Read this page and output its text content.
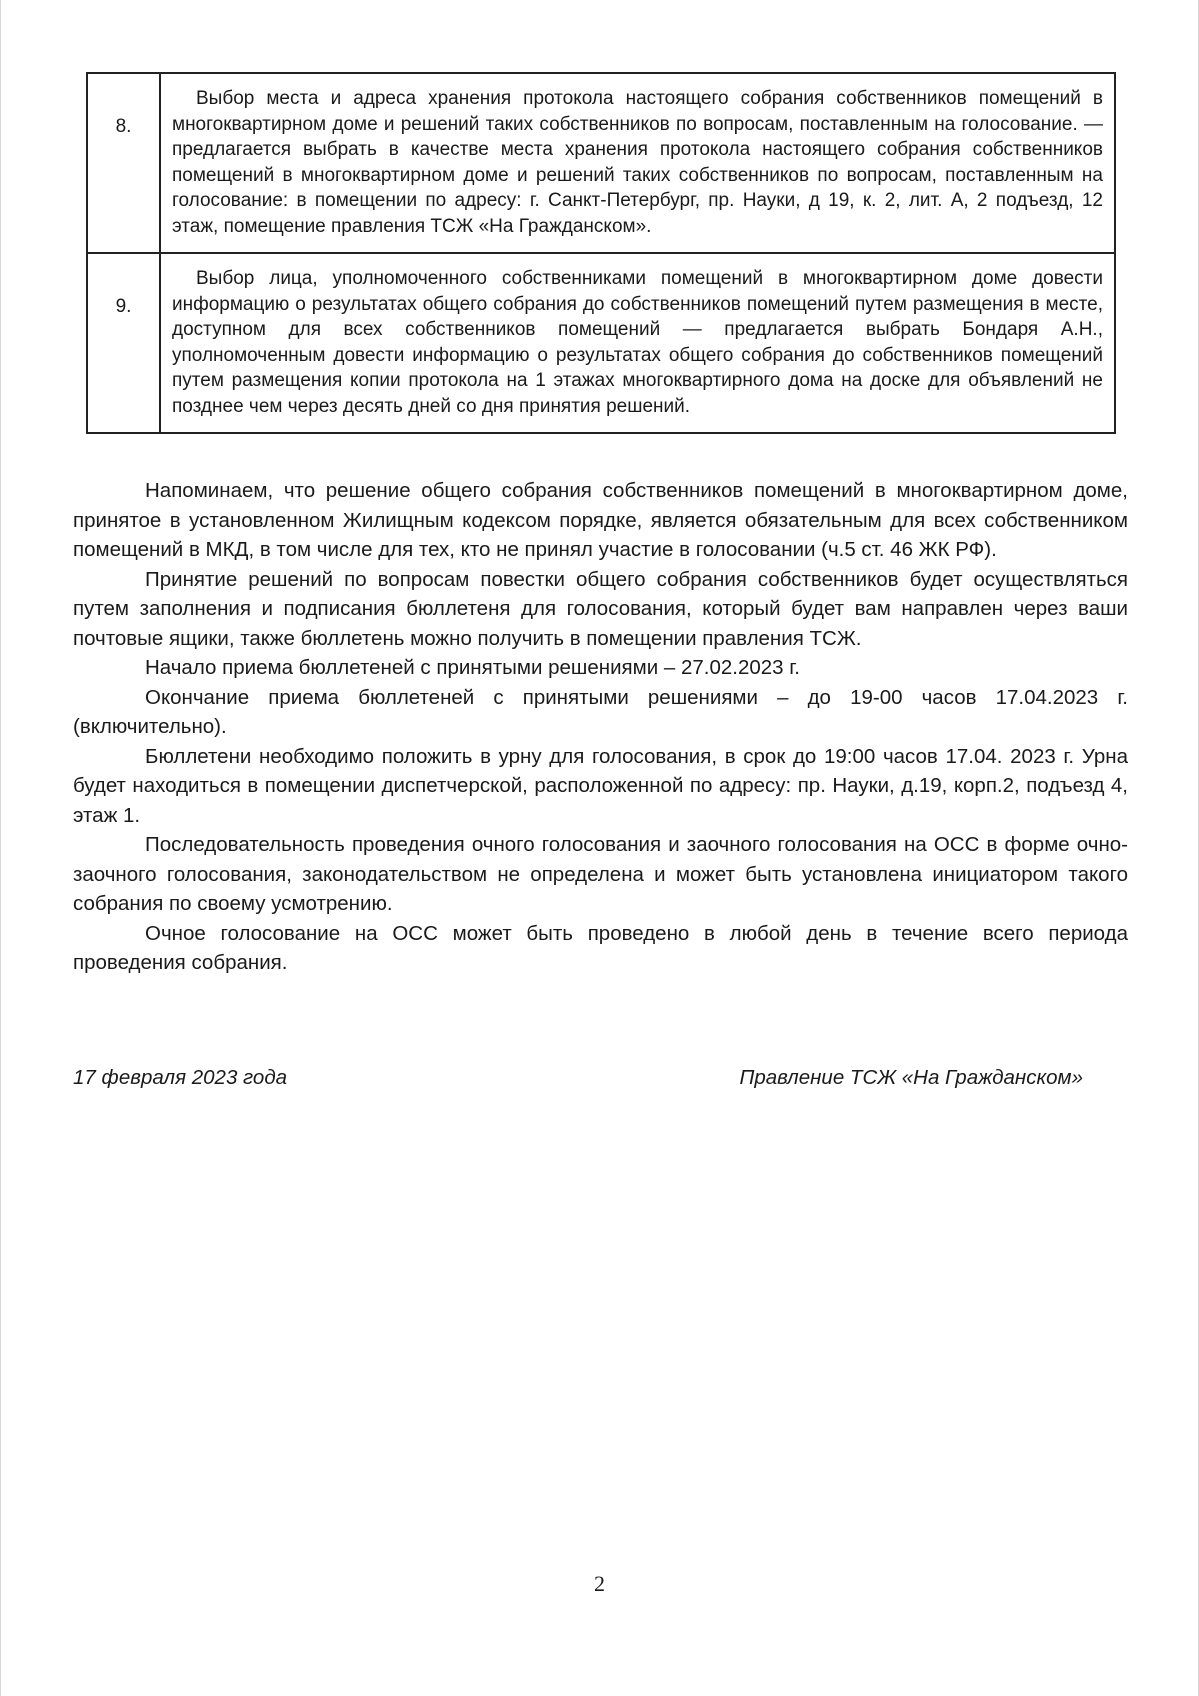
8.	Выбор места и адреса хранения протокола настоящего собрания собственников помещений в многоквартирном доме и решений таких собственников по вопросам, поставленным на голосование. — предлагается выбрать в качестве места хранения протокола настоящего собрания собственников помещений в многоквартирном доме и решений таких собственников по вопросам, поставленным на голосование: в помещении по адресу: г. Санкт-Петербург, пр. Науки, д 19, к. 2, лит. А, 2 подъезд, 12 этаж, помещение правления ТСЖ «На Гражданском».

9.	Выбор лица, уполномоченного собственниками помещений в многоквартирном доме довести информацию о результатах общего собрания до собственников помещений путем размещения в месте, доступном для всех собственников помещений — предлагается выбрать Бондаря А.Н., уполномоченным довести информацию о результатах общего собрания до собственников помещений путем размещения копии протокола на 1 этажах многоквартирного дома на доске для объявлений не позднее чем через десять дней со дня принятия решений.

Напоминаем, что решение общего собрания собственников помещений в многоквартирном доме, принятое в установленном Жилищным кодексом порядке, является обязательным для всех собственником помещений в МКД, в том числе для тех, кто не принял участие в голосовании (ч.5 ст. 46 ЖК РФ).

Принятие решений по вопросам повестки общего собрания собственников будет осуществляться путем заполнения и подписания бюллетеня для голосования, который будет вам направлен через ваши почтовые ящики, также бюллетень можно получить в помещении правления ТСЖ.

Начало приема бюллетеней с принятыми решениями – 27.02.2023 г.

Окончание приема бюллетеней с принятыми решениями – до 19-00 часов 17.04.2023 г. (включительно).

Бюллетени необходимо положить в урну для голосования, в срок до 19:00 часов 17.04. 2023 г. Урна будет находиться в помещении диспетчерской, расположенной по адресу: пр. Науки, д.19, корп.2, подъезд 4, этаж 1.

Последовательность проведения очного голосования и заочного голосования на ОСС в форме очно-заочного голосования, законодательством не определена и может быть установлена инициатором такого собрания по своему усмотрению.

Очное голосование на ОСС может быть проведено в любой день в течение всего периода проведения собрания.

17 февраля 2023 года	Правление ТСЖ «На Гражданском»
2
